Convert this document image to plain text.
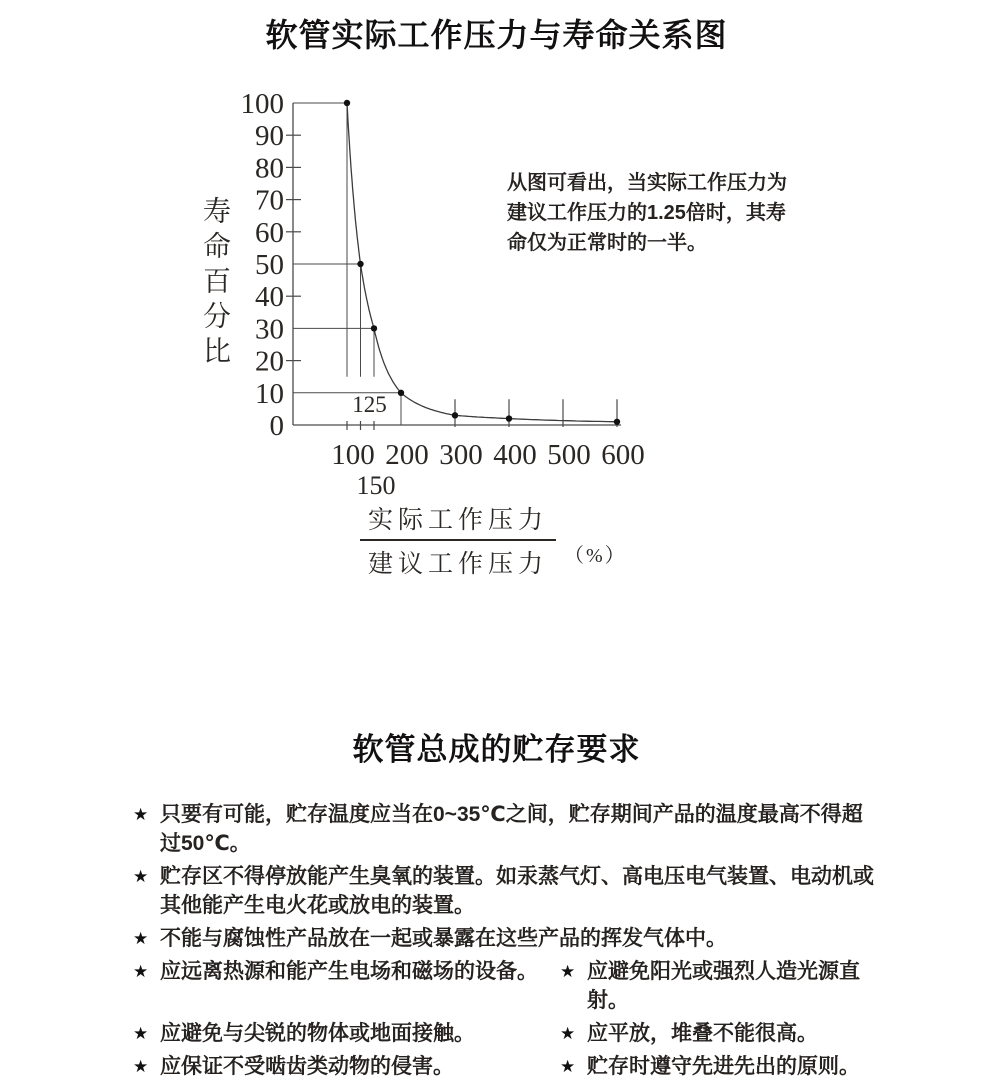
软管实际工作压力与寿命关系图
0
10
20
30
40
50
60
70
80
90
100
100 200 300 400 500 600
125
150
寿命百分比
从图可看出，当实际工作压力为
建议工作压力的1.25倍时，其寿
命仅为正常时的一半。
$\frac{\text{实际工作压力}}{\text{建议工作压力}}$ （%）
软管总成的贮存要求
★ 只要有可能，贮存温度应当在0~35℃之间，贮存期间产品的温度最高不得超过50℃。
★ 贮存区不得停放能产生臭氧的装置。如汞蒸气灯、高电压电气装置、电动机或其他能产生电火花或放电的装置。
★ 不能与腐蚀性产品放在一起或暴露在这些产品的挥发气体中。
★ 应远离热源和能产生电场和磁场的设备。	★ 应避免阳光或强烈人造光源直射。
★ 应避免与尖锐的物体或地面接触。	★ 应平放，堆叠不能很高。
★ 应保证不受啮齿类动物的侵害。	★ 贮存时遵守先进先出的原则。
